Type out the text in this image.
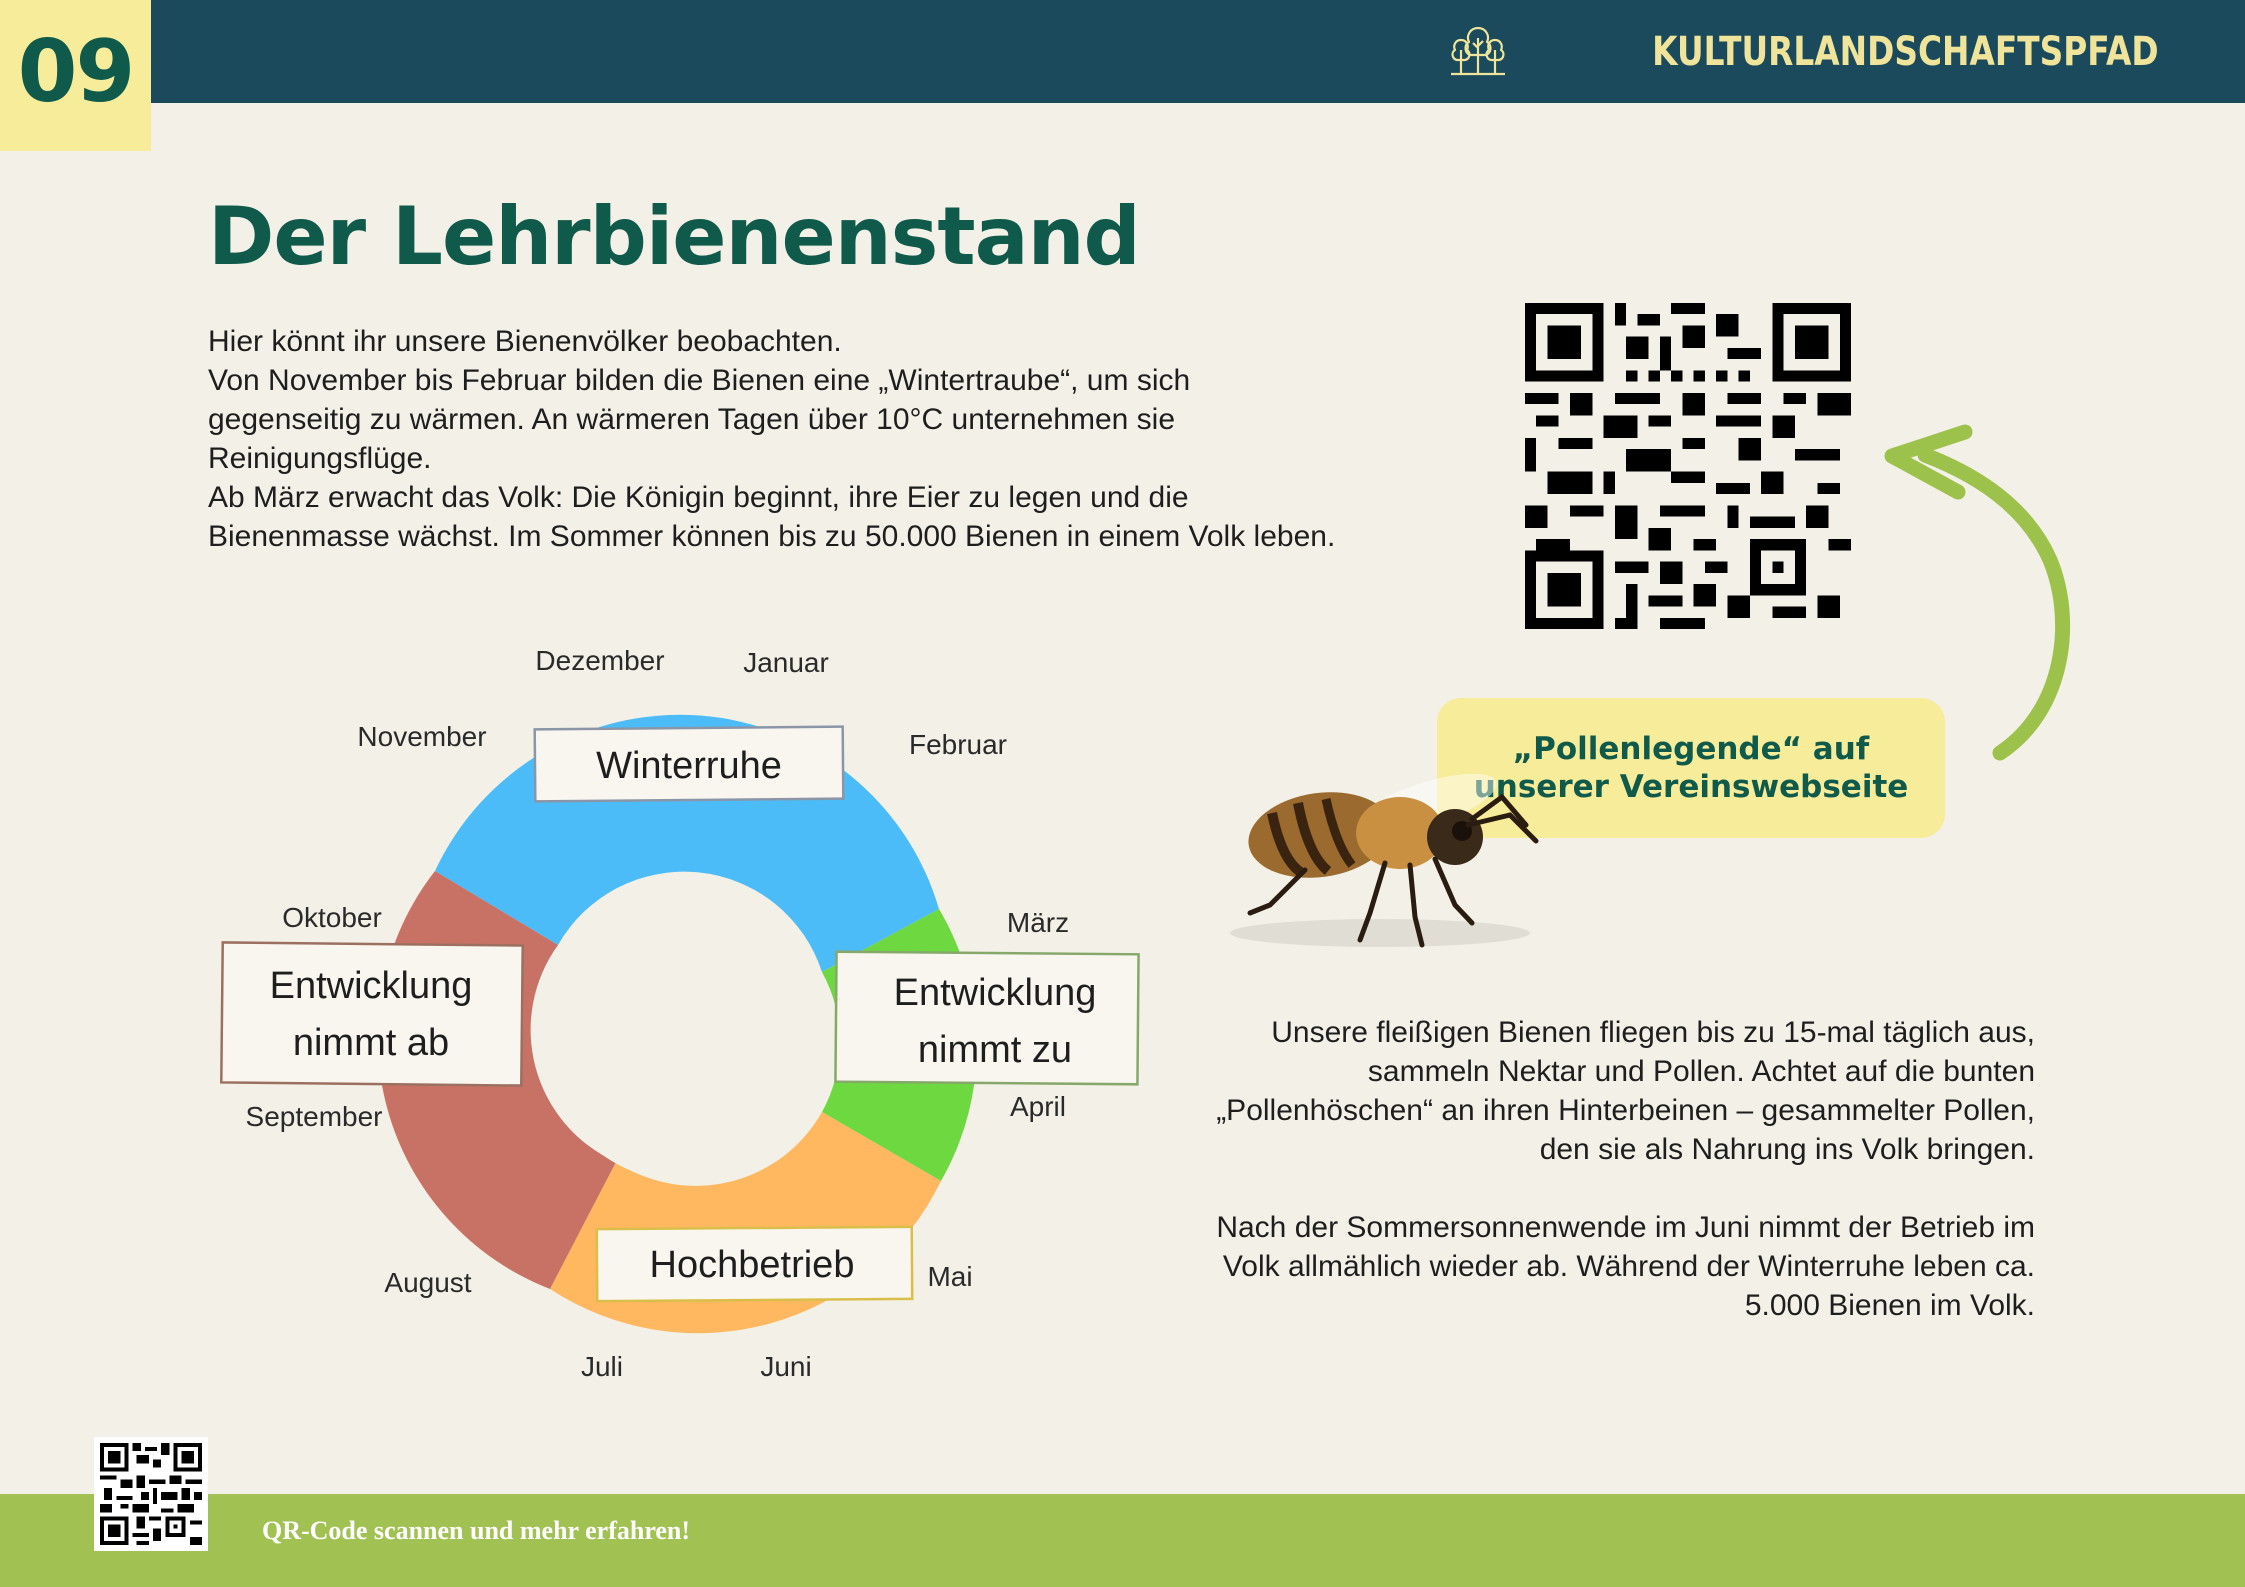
09	KULTURLANDSCHAFTSPFAD
Der Lehrbienenstand

Hier könnt ihr unsere Bienenvölker beobachten.

Von November bis Februar bilden die Bienen eine „Wintertraube“, um sich gegenseitig zu wärmen. An wärmeren Tagen über 10°C unternehmen sie Reinigungsflüge.

Ab März erwacht das Volk: Die Königin beginnt, ihre Eier zu legen und die Bienenmasse wächst. Im Sommer können bis zu 50.000 Bienen in einem Volk leben.

Dezember	Januar
Februar
März
April
Mai
Juni
Juli
August
September
Oktober
November
Winterruhe
Entwicklung
nimmt zu
Hochbetrieb
Entwicklung
nimmt ab
„Pollenlegende“ auf
unserer Vereinswebseite

Unsere fleißigen Bienen fliegen bis zu 15-mal täglich aus, sammeln Nektar und Pollen. Achtet auf die bunten „Pollenhöschen“ an ihren Hinterbeinen – gesammelter Pollen, den sie als Nahrung ins Volk bringen.

Nach der Sommersonnenwende im Juni nimmt der Betrieb im Volk allmählich wieder ab. Während der Winterruhe leben ca. 5.000 Bienen im Volk.

QR-Code scannen und mehr erfahren!
